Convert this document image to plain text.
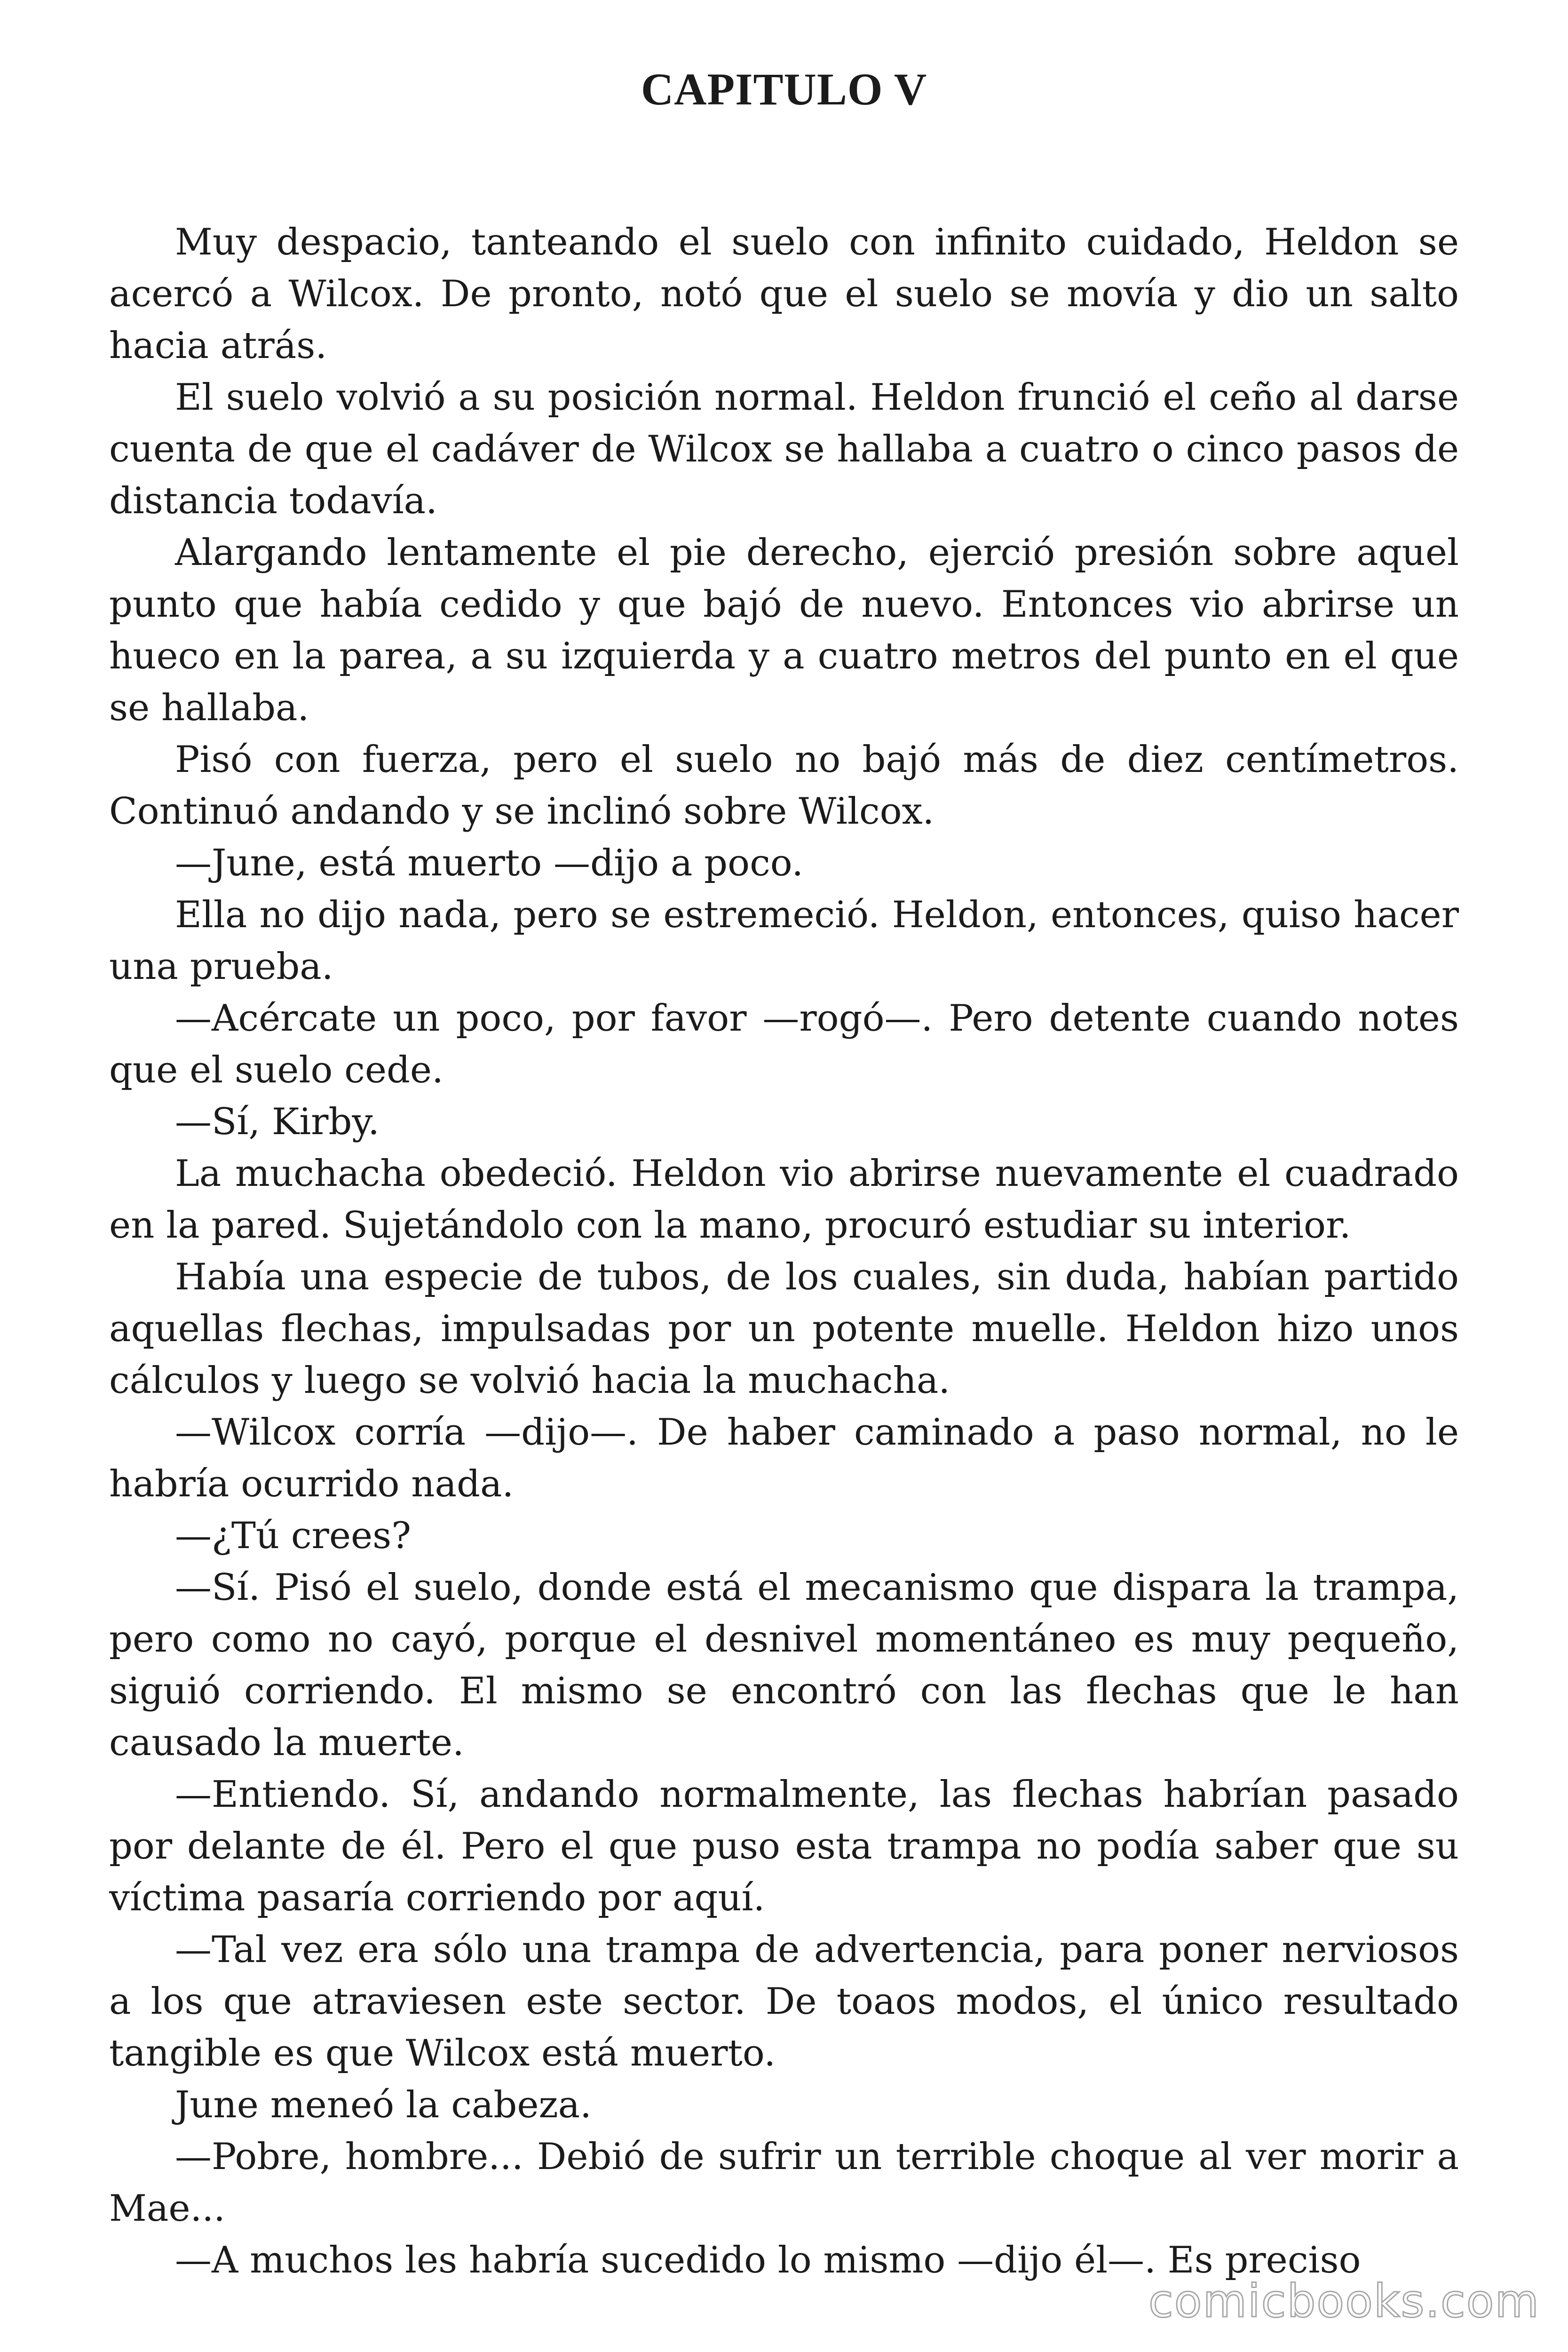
CAPITULO V

Muy despacio, tanteando el suelo con infinito cuidado, Heldon se acercó a Wilcox. De pronto, notó que el suelo se movía y dio un salto hacia atrás.

El suelo volvió a su posición normal. Heldon frunció el ceño al darse cuenta de que el cadáver de Wilcox se hallaba a cuatro o cinco pasos de distancia todavía.

Alargando lentamente el pie derecho, ejerció presión sobre aquel punto que había cedido y que bajó de nuevo. Entonces vio abrirse un hueco en la parea, a su izquierda y a cuatro metros del punto en el que se hallaba.

Pisó con fuerza, pero el suelo no bajó más de diez centímetros. Continuó andando y se inclinó sobre Wilcox.

—June, está muerto —dijo a poco.

Ella no dijo nada, pero se estremeció. Heldon, entonces, quiso hacer una prueba.

—Acércate un poco, por favor —rogó—. Pero detente cuando notes que el suelo cede.

—Sí, Kirby.

La muchacha obedeció. Heldon vio abrirse nuevamente el cuadrado en la pared. Sujetándolo con la mano, procuró estudiar su interior.

Había una especie de tubos, de los cuales, sin duda, habían partido aquellas flechas, impulsadas por un potente muelle. Heldon hizo unos cálculos y luego se volvió hacia la muchacha.

—Wilcox corría —dijo—. De haber caminado a paso normal, no le habría ocurrido nada.

—¿Tú crees?

—Sí. Pisó el suelo, donde está el mecanismo que dispara la trampa, pero como no cayó, porque el desnivel momentáneo es muy pequeño, siguió corriendo. El mismo se encontró con las flechas que le han causado la muerte.

—Entiendo. Sí, andando normalmente, las flechas habrían pasado por delante de él. Pero el que puso esta trampa no podía saber que su víctima pasaría corriendo por aquí.

—Tal vez era sólo una trampa de advertencia, para poner nerviosos a los que atraviesen este sector. De toaos modos, el único resultado tangible es que Wilcox está muerto.

June meneó la cabeza.

—Pobre, hombre... Debió de sufrir un terrible choque al ver morir a Mae...

—A muchos les habría sucedido lo mismo —dijo él—. Es preciso

comicbooks.com
